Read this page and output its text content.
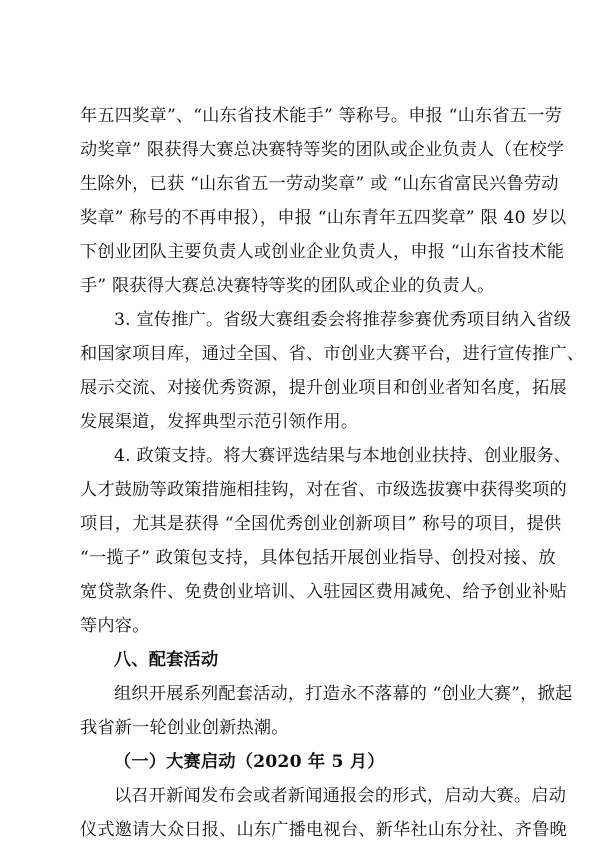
年五四奖章”、“山东省技术能手” 等称号。申报 “山东省五一劳
动奖章” 限获得大赛总决赛特等奖的团队或企业负责人（在校学
生除外，已获 “山东省五一劳动奖章” 或 “山东省富民兴鲁劳动
奖章” 称号的不再申报），申报 “山东青年五四奖章” 限 40 岁以
下创业团队主要负责人或创业企业负责人，申报 “山东省技术能
手” 限获得大赛总决赛特等奖的团队或企业的负责人。
3. 宣传推广。省级大赛组委会将推荐参赛优秀项目纳入省级
和国家项目库，通过全国、省、市创业大赛平台，进行宣传推广、
展示交流、对接优秀资源，提升创业项目和创业者知名度，拓展
发展渠道，发挥典型示范引领作用。
4. 政策支持。将大赛评选结果与本地创业扶持、创业服务、
人才鼓励等政策措施相挂钩，对在省、市级选拔赛中获得奖项的
项目，尤其是获得 “全国优秀创业创新项目” 称号的项目，提供
“一揽子” 政策包支持，具体包括开展创业指导、创投对接、放
宽贷款条件、免费创业培训、入驻园区费用减免、给予创业补贴
等内容。
八、配套活动
组织开展系列配套活动，打造永不落幕的 “创业大赛”，掀起
我省新一轮创业创新热潮。
（一）大赛启动（2020 年 5 月）
以召开新闻发布会或者新闻通报会的形式，启动大赛。启动
仪式邀请大众日报、山东广播电视台、新华社山东分社、齐鲁晚
